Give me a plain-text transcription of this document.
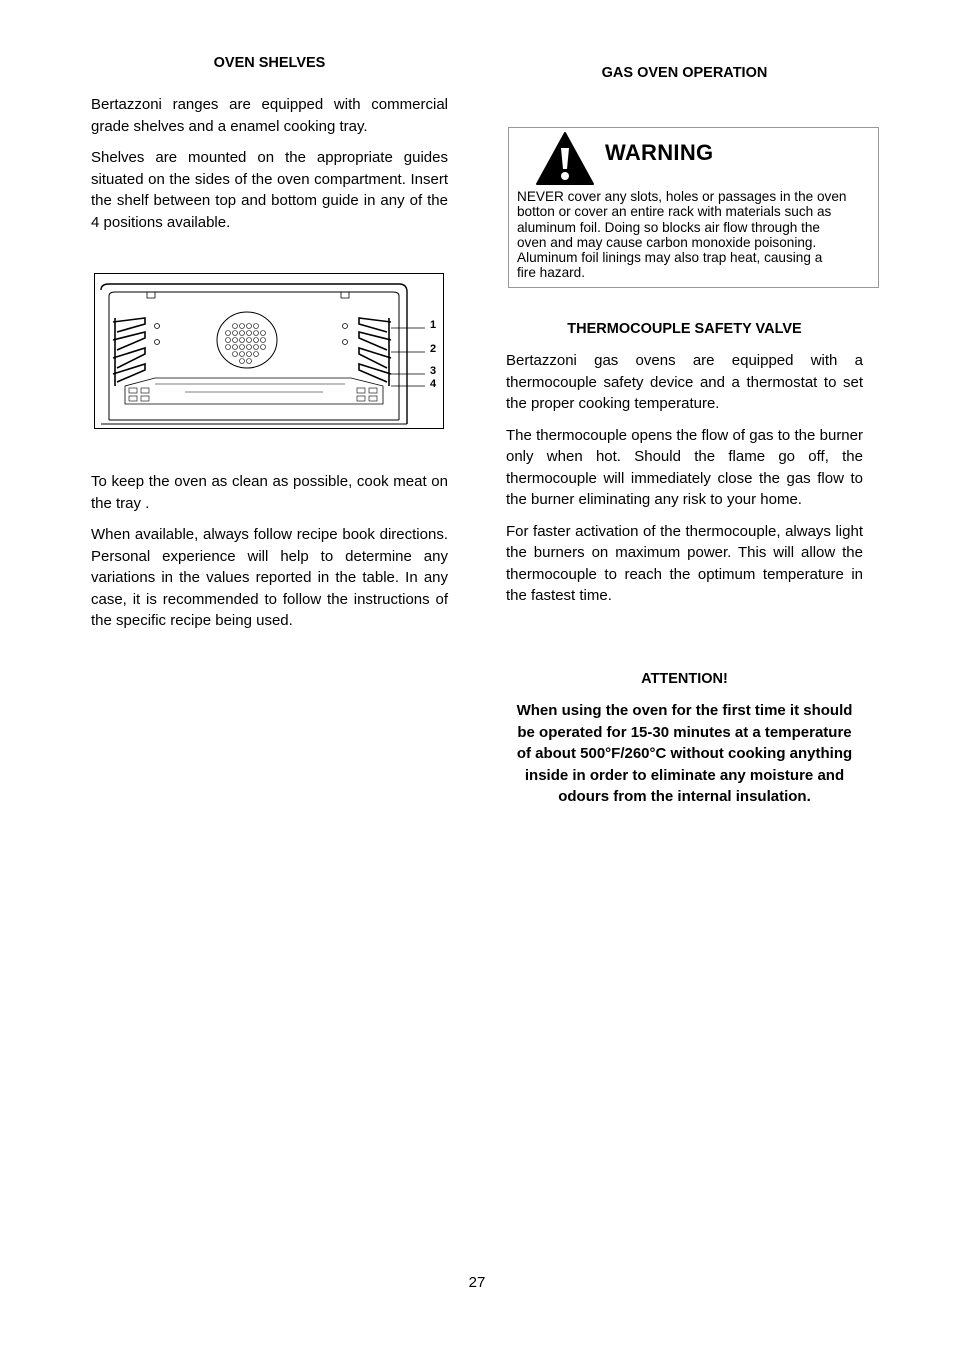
OVEN SHELVES

Bertazzoni ranges are equipped with commercial grade shelves and a enamel cooking tray.

Shelves are mounted on the appropriate guides situated on the sides of the oven compartment. Insert the shelf between top and bottom guide in any of the 4 positions available.

1
2
3
4

To keep the oven as clean as possible, cook meat on the tray .

When available, always follow recipe book directions. Personal experience will help to determine any variations in the values reported in the table. In any case, it is recommended to follow the instructions of the specific recipe being used.

GAS OVEN OPERATION
WARNING
NEVER cover any slots, holes or passages in the oven
botton or cover an entire rack with materials such as
aluminum foil. Doing so blocks air flow through the
oven and may cause carbon monoxide poisoning.
Aluminum foil linings may also trap heat, causing a
fire hazard.
THERMOCOUPLE SAFETY VALVE

Bertazzoni gas ovens are equipped with a thermocouple safety device and a thermostat to set the proper cooking temperature.

The thermocouple opens the flow of gas to the burner only when hot. Should the flame go off, the thermocouple will immediately close the gas flow to the burner eliminating any risk to your home.

For faster activation of the thermocouple, always light the burners on maximum power. This will allow the thermocouple to reach the optimum temperature in the fastest time.

ATTENTION!
When using the oven for the first time it should
be operated for 15-30 minutes at a temperature
of about 500°F/260°C without cooking anything
inside in order to eliminate any moisture and
odours from the internal insulation.
27
